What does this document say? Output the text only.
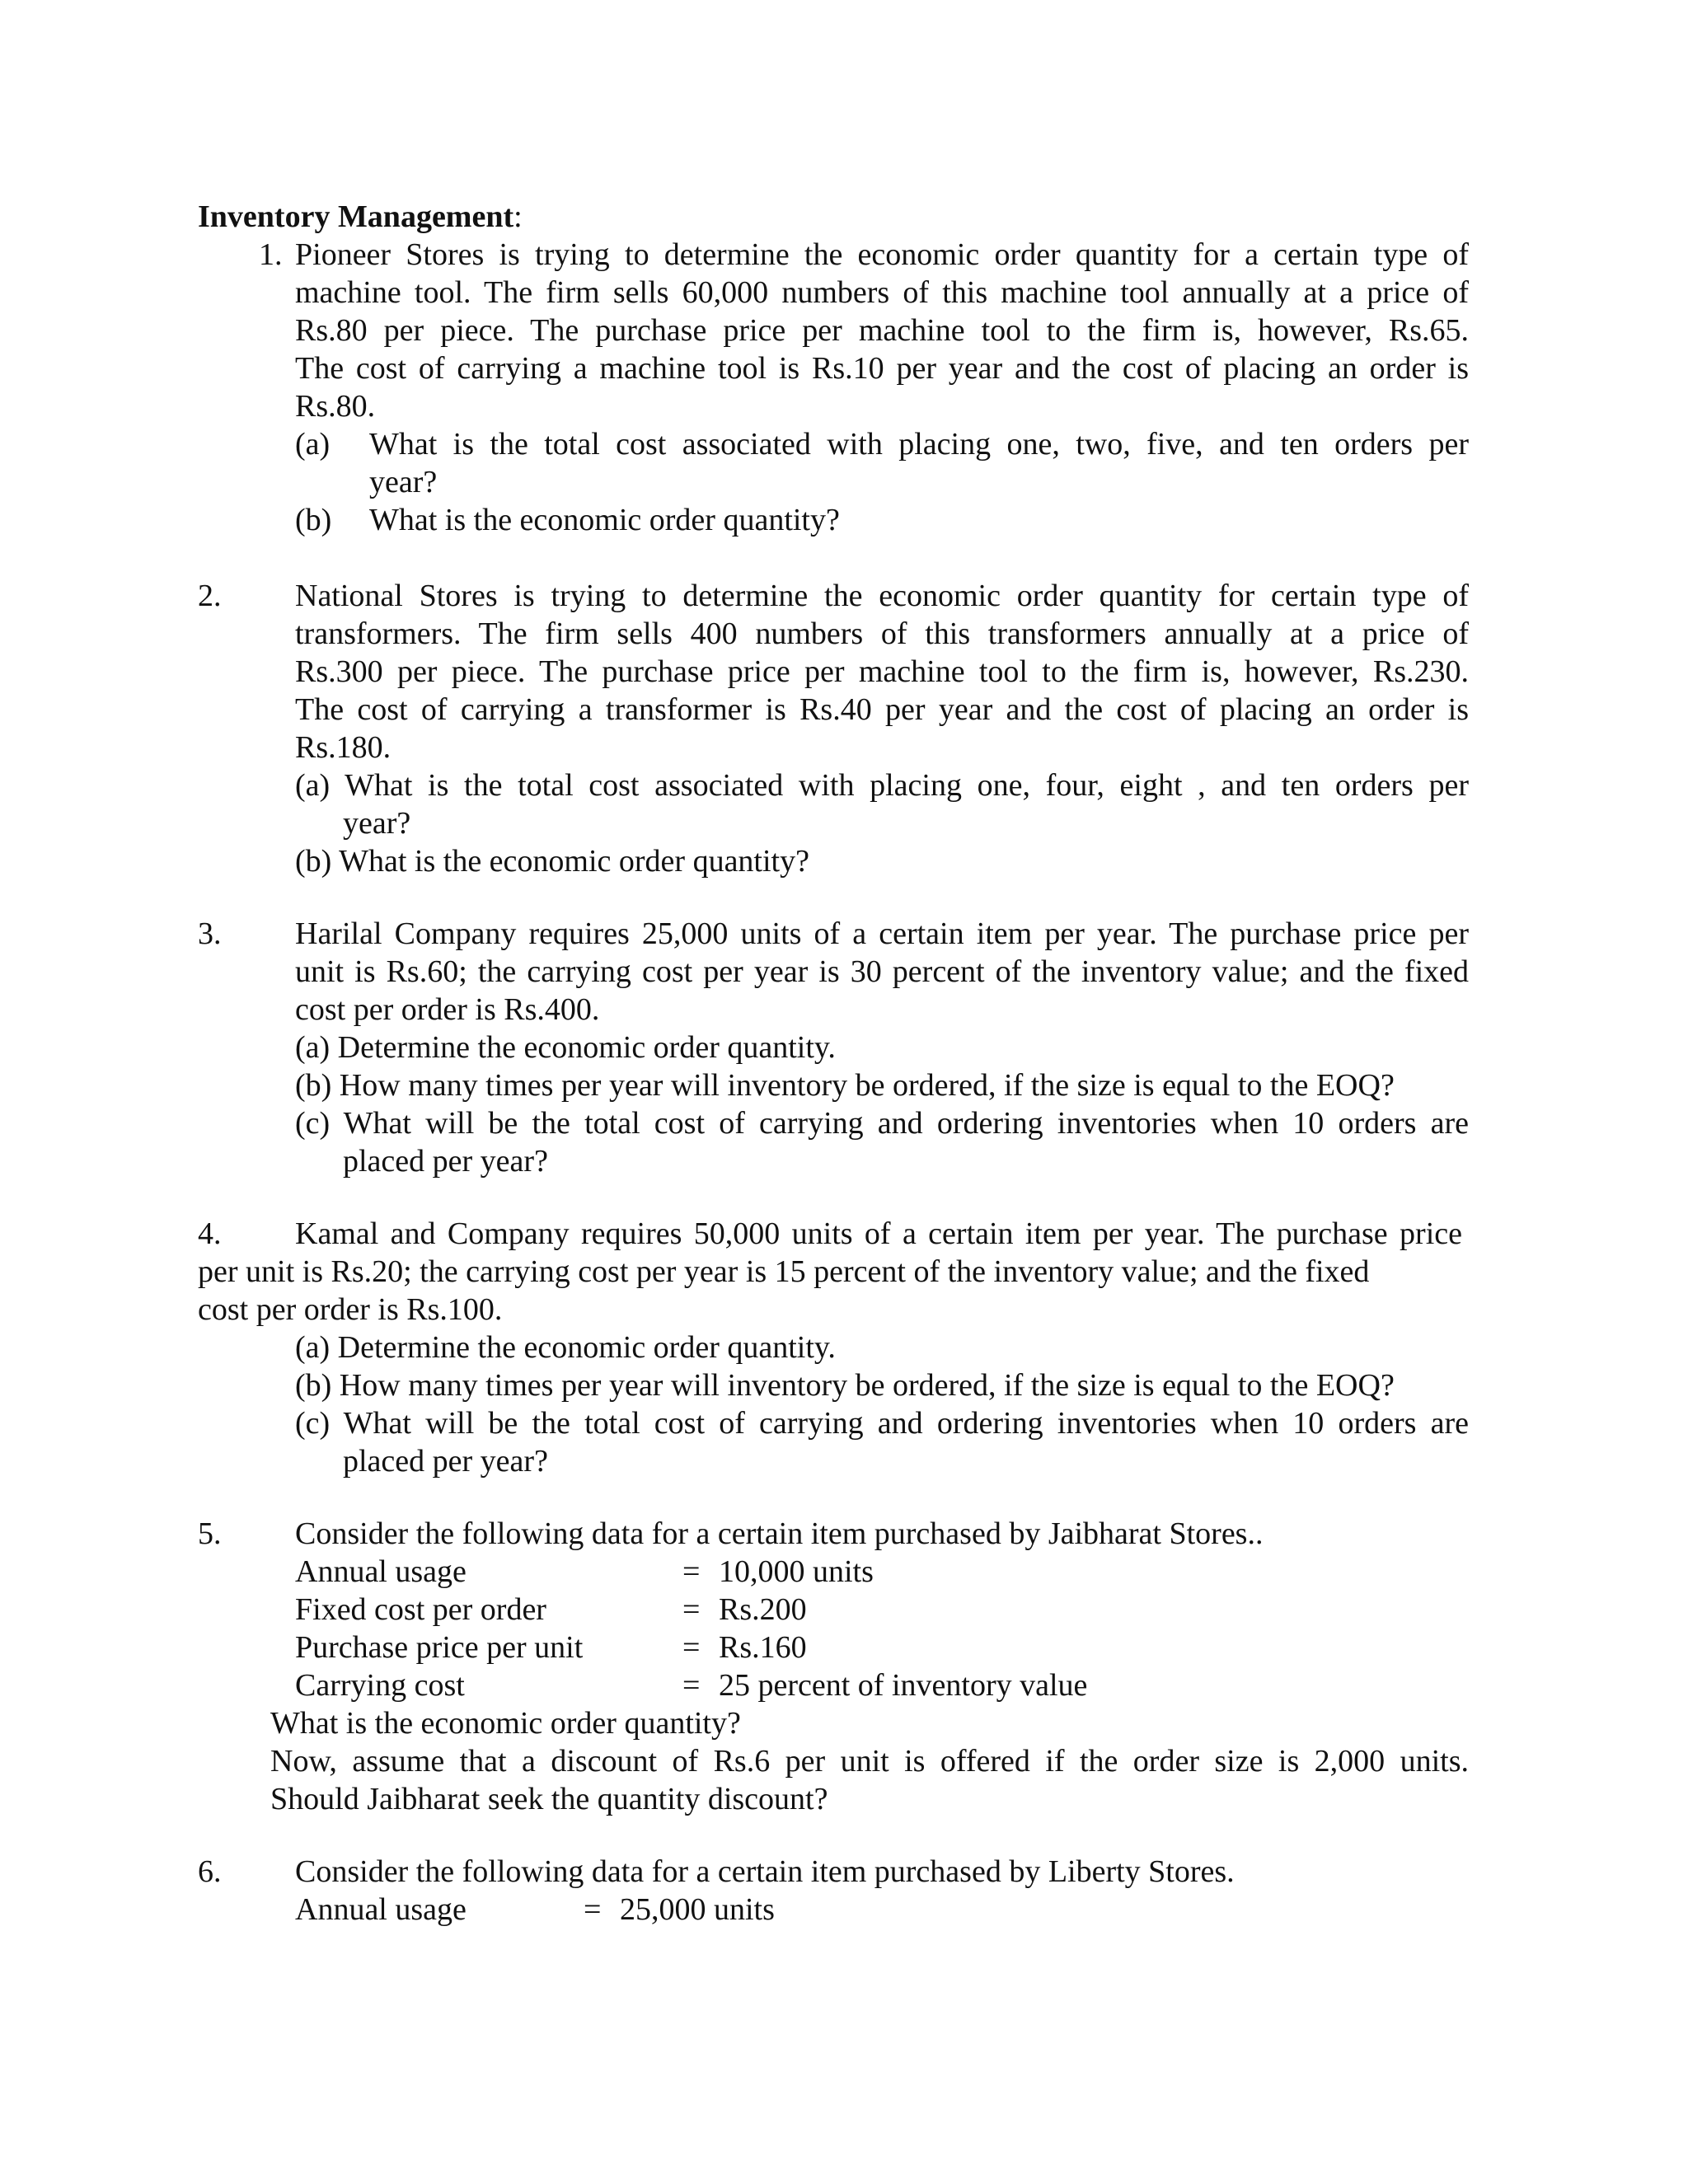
Inventory Management:
1. Pioneer Stores is trying to determine the economic order quantity for a certain type of
machine tool. The firm sells 60,000 numbers of this machine tool annually at a price of
Rs.80 per piece. The purchase price per machine tool to the firm is, however, Rs.65.
The cost of carrying a machine tool is Rs.10 per year and the cost of placing an order is
Rs.80.
(a) What is the total cost associated with placing one, two, five, and ten orders per
year?
(b) What is the economic order quantity?
2. National Stores is trying to determine the economic order quantity for certain type of
transformers. The firm sells 400 numbers of this transformers annually at a price of
Rs.300 per piece. The purchase price per machine tool to the firm is, however, Rs.230.
The cost of carrying a transformer is Rs.40 per year and the cost of placing an order is
Rs.180.
(a) What is the total cost associated with placing one, four, eight , and ten orders per
year?
(b) What is the economic order quantity?
3. Harilal Company requires 25,000 units of a certain item per year. The purchase price per
unit is Rs.60; the carrying cost per year is 30 percent of the inventory value; and the fixed
cost per order is Rs.400.
(a) Determine the economic order quantity.
(b) How many times per year will inventory be ordered, if the size is equal to the EOQ?
(c) What will be the total cost of carrying and ordering inventories when 10 orders are
placed per year?
4. Kamal and Company requires 50,000 units of a certain item per year. The purchase price
per unit is Rs.20; the carrying cost per year is 15 percent of the inventory value; and the fixed
cost per order is Rs.100.
(a) Determine the economic order quantity.
(b) How many times per year will inventory be ordered, if the size is equal to the EOQ?
(c) What will be the total cost of carrying and ordering inventories when 10 orders are
placed per year?
5. Consider the following data for a certain item purchased by Jaibharat Stores..
Annual usage	= 10,000 units
Fixed cost per order	= Rs.200
Purchase price per unit	= Rs.160
Carrying cost	= 25 percent of inventory value
What is the economic order quantity?
Now, assume that a discount of Rs.6 per unit is offered if the order size is 2,000 units.
Should Jaibharat seek the quantity discount?
6. Consider the following data for a certain item purchased by Liberty Stores.
Annual usage	= 25,000 units
